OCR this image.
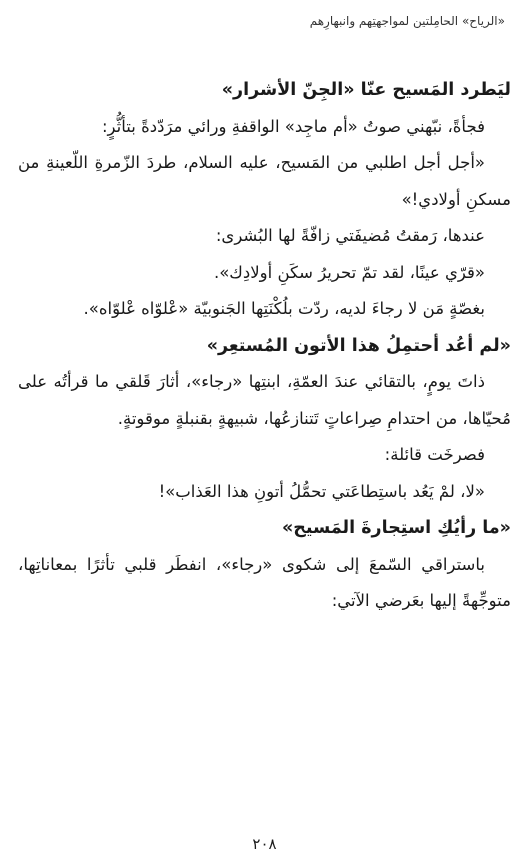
«الرياح» الحامِلتين لمواجهتِهم وانبهارِهم

ليَطرد المَسيح عنّا «الجِنّ الأشرار»

فجأةً، نبّهني صوتُ «أم ماجِد» الواقفةِ ورائي مرَدّدةً بتأثُّرٍ:

«أجل أجل اطلبي من المَسيح، عليه السلام، طردَ الزّمرةِ اللّعينةِ من مسكنِ أولادي!»

عندها، رَمقتُ مُضيفَتي زافّةً لها البُشرى:

«قرّي عينًا، لقد تمّ تحريرُ سكَنِ أولادِك».

بغصّةٍ مَن لا رجاءَ لديه، ردّت بلُكْنَتِها الجَنوبيّة «عْلوّاه عْلوّاه».

«لم أعُد أحتمِلُ هذا الأتون المُستعِر»

ذاتَ يومٍ، بالتقائي عندَ العمّةِ، ابنتِها «رجاء»، أثارَ قَلقي ما قرأتُه على مُحيّاها، من احتدامِ صِراعاتٍ تَتنازعُها، شبيهةٍ بقنبلةٍ موقوتةٍ.

فصرخَت قائلة:

«لا، لمْ يَعُد باستِطاعَتي تحمُّلُ أتونِ هذا العَذاب»!

«ما رأيُكِ استِجارةَ المَسيح»

باستراقي السّمعَ إلى شكوى «رجاء»، انفطَر قلبي تأثرًا بمعاناتِها، متوجِّهةً إليها بعَرضي الآتي:

٢٠٨
